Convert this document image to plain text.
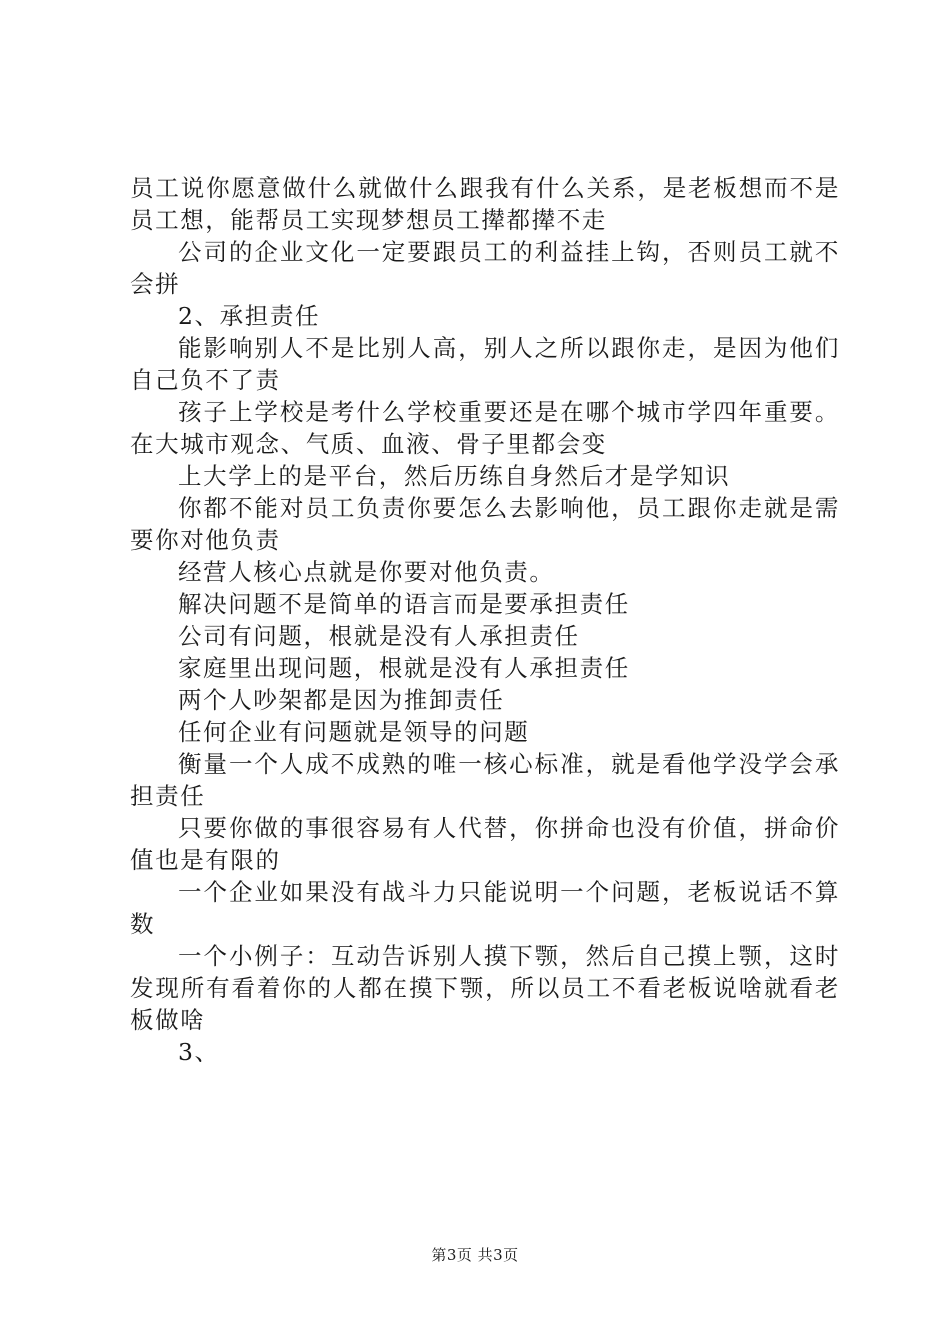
员工说你愿意做什么就做什么跟我有什么关系，是老板想而不是员工想，能帮员工实现梦想员工撵都撵不走

公司的企业文化一定要跟员工的利益挂上钩，否则员工就不会拼

2、承担责任

能影响别人不是比别人高，别人之所以跟你走，是因为他们自己负不了责

孩子上学校是考什么学校重要还是在哪个城市学四年重要。在大城市观念、气质、血液、骨子里都会变

上大学上的是平台，然后历练自身然后才是学知识

你都不能对员工负责你要怎么去影响他，员工跟你走就是需要你对他负责

经营人核心点就是你要对他负责。

解决问题不是简单的语言而是要承担责任

公司有问题，根就是没有人承担责任

家庭里出现问题，根就是没有人承担责任

两个人吵架都是因为推卸责任

任何企业有问题就是领导的问题

衡量一个人成不成熟的唯一核心标准，就是看他学没学会承担责任

只要你做的事很容易有人代替，你拼命也没有价值，拼命价值也是有限的

一个企业如果没有战斗力只能说明一个问题，老板说话不算数

一个小例子：互动告诉别人摸下颚，然后自己摸上颚，这时发现所有看着你的人都在摸下颚，所以员工不看老板说啥就看老板做啥

3、

第3页 共3页
